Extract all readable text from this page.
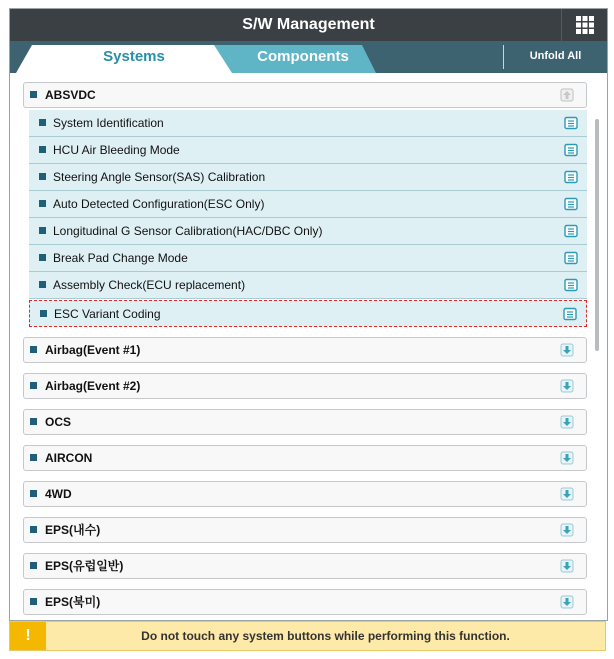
S/W Management
Systems	Components	Unfold All
ABSVDC
System Identification
HCU Air Bleeding Mode
Steering Angle Sensor(SAS) Calibration
Auto Detected Configuration(ESC Only)
Longitudinal G Sensor Calibration(HAC/DBC Only)
Break Pad Change Mode
Assembly Check(ECU replacement)
ESC Variant Coding
Airbag(Event #1)
Airbag(Event #2)
OCS
AIRCON
4WD
EPS(내수)
EPS(유럽일반)
EPS(북미)
!	Do not touch any system buttons while performing this function.
